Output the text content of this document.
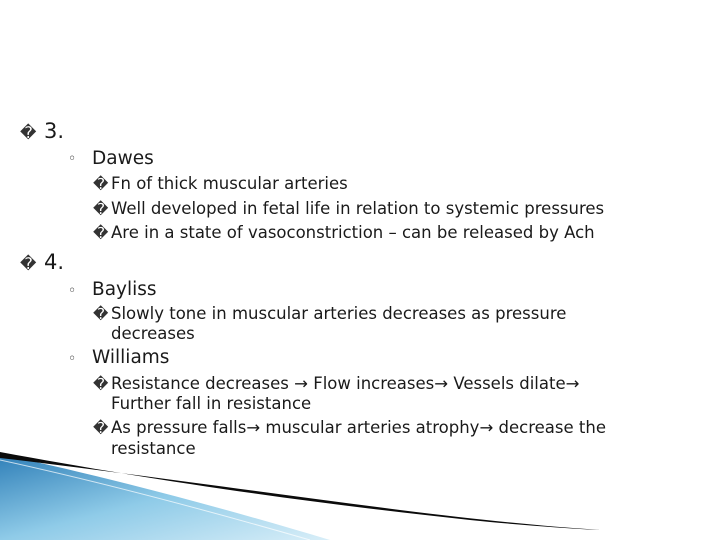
� 3.
◦ Dawes
� Fn of thick muscular arteries
� Well developed in fetal life in relation to systemic pressures
� Are in a state of vasoconstriction – can be released by Ach
� 4.
◦ Bayliss
� Slowly tone in muscular arteries decreases as pressure
decreases
◦ Williams
� Resistance decreases → Flow increases→ Vessels dilate→
Further fall in resistance
� As pressure falls→ muscular arteries atrophy→ decrease the
resistance
